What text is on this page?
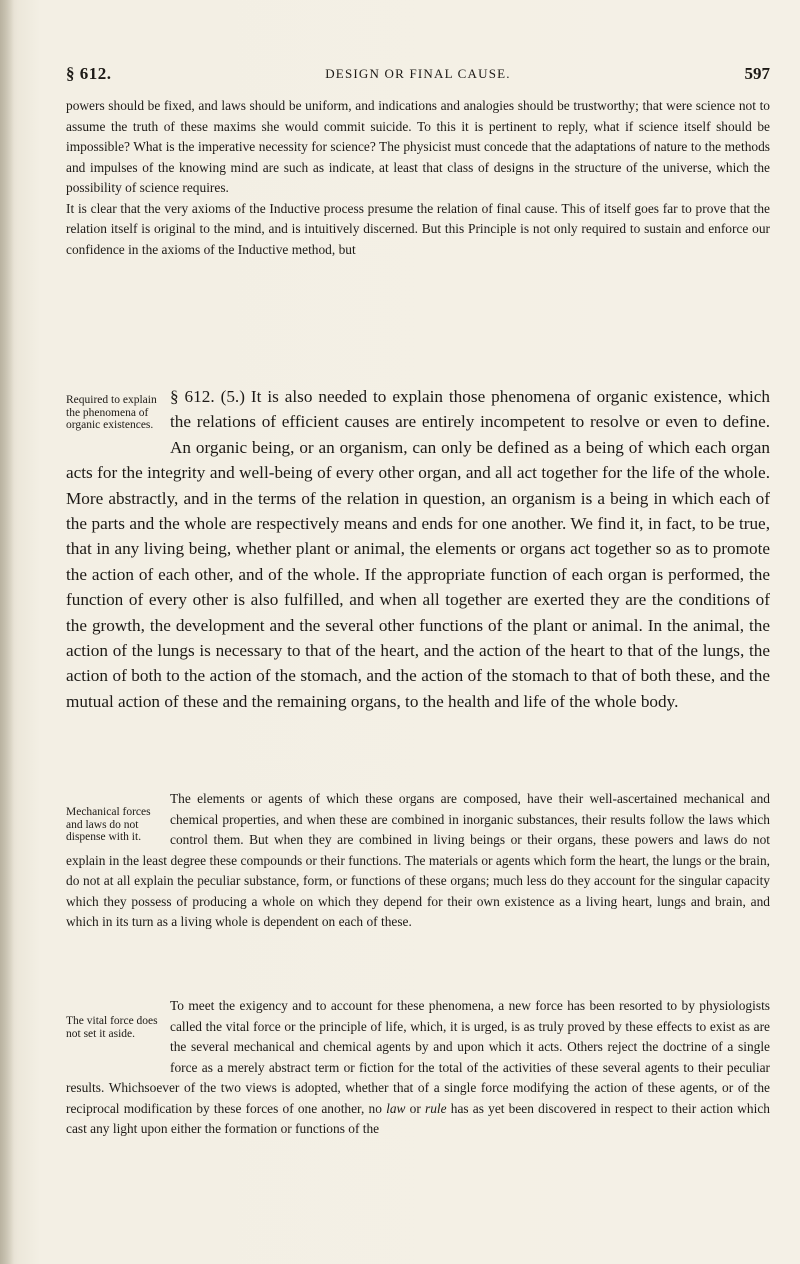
§ 612.	DESIGN OR FINAL CAUSE.	597

powers should be fixed, and laws should be uniform, and indications and analogies should be trustworthy; that were science not to assume the truth of these maxims she would commit suicide. To this it is pertinent to reply, what if science itself should be impossible? What is the imperative necessity for science? The physicist must concede that the adaptations of nature to the methods and impulses of the knowing mind are such as indicate, at least that class of designs in the structure of the universe, which the possibility of science requires.

It is clear that the very axioms of the Inductive process presume the relation of final cause. This of itself goes far to prove that the relation itself is original to the mind, and is intuitively discerned. But this Principle is not only required to sustain and enforce our confidence in the axioms of the Inductive method, but

Required to explain the phenomena of organic existences.
§ 612. (5.) It is also needed to explain those phenomena of organic existence, which the relations of efficient causes are entirely incompetent to resolve or even to define. An organic being, or an organism, can only be defined as a being of which each organ acts for the integrity and well-being of every other organ, and all act together for the life of the whole. More abstractly, and in the terms of the relation in question, an organism is a being in which each of the parts and the whole are respectively means and ends for one another. We find it, in fact, to be true, that in any living being, whether plant or animal, the elements or organs act together so as to promote the action of each other, and of the whole. If the appropriate function of each organ is performed, the function of every other is also fulfilled, and when all together are exerted they are the conditions of the growth, the development and the several other functions of the plant or animal. In the animal, the action of the lungs is necessary to that of the heart, and the action of the heart to that of the lungs, the action of both to the action of the stomach, and the action of the stomach to that of both these, and the mutual action of these and the remaining organs, to the health and life of the whole body.
Mechanical forces and laws do not dispense with it.

The elements or agents of which these organs are composed, have their well-ascertained mechanical and chemical properties, and when these are combined in inorganic substances, their results follow the laws which control them. But when they are combined in living beings or their organs, these powers and laws do not explain in the least degree these compounds or their functions. The materials or agents which form the heart, the lungs or the brain, do not at all explain the peculiar substance, form, or functions of these organs; much less do they account for the singular capacity which they possess of producing a whole on which they depend for their own existence as a living heart, lungs and brain, and which in its turn as a living whole is dependent on each of these.

The vital force does not set it aside.

To meet the exigency and to account for these phenomena, a new force has been resorted to by physiologists called the vital force or the principle of life, which, it is urged, is as truly proved by these effects to exist as are the several mechanical and chemical agents by and upon which it acts. Others reject the doctrine of a single force as a merely abstract term or fiction for the total of the activities of these several agents to their peculiar results. Whichsoever of the two views is adopted, whether that of a single force modifying the action of these agents, or of the reciprocal modification by these forces of one another, no law or rule has as yet been discovered in respect to their action which cast any light upon either the formation or functions of the
